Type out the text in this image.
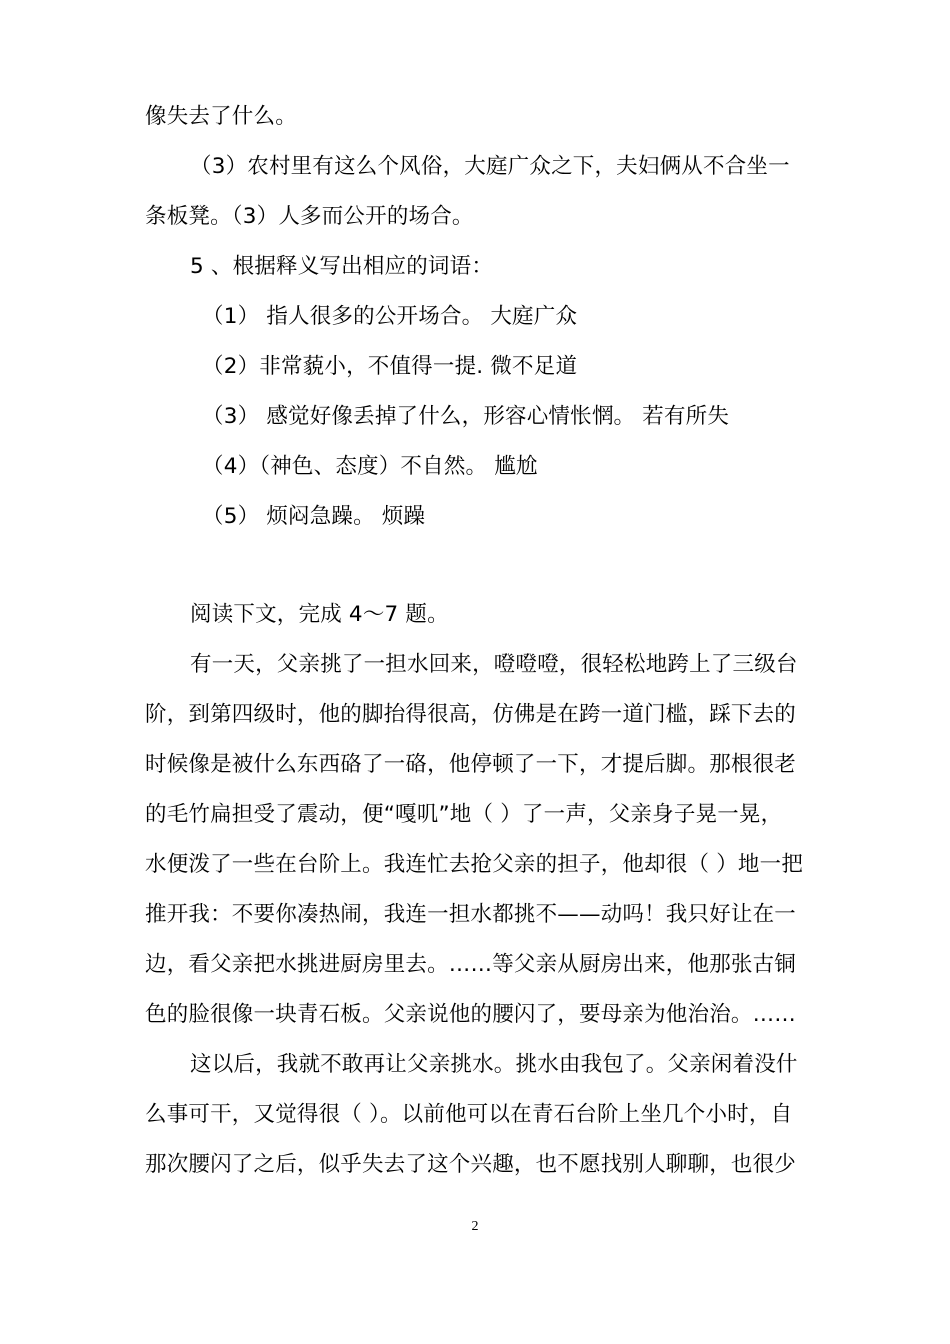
像失去了什么。
（3）农村里有这么个风俗，大庭广众之下，夫妇俩从不合坐一
条板凳。（3）人多而公开的场合。
5 、根据释义写出相应的词语：
（1） 指人很多的公开场合。 大庭广众
（2）非常藐小，不值得一提. 微不足道
（3） 感觉好像丢掉了什么，形容心情怅惘。 若有所失
（4）（神色、态度）不自然。 尴尬
（5） 烦闷急躁。 烦躁
阅读下文，完成 4～7 题。
有一天，父亲挑了一担水回来，噔噔噔，很轻松地跨上了三级台
阶，到第四级时，他的脚抬得很高，仿佛是在跨一道门槛，踩下去的
时候像是被什么东西硌了一硌，他停顿了一下，才提后脚。那根很老
的毛竹扁担受了震动，便“嘎叽”地（ ）了一声，父亲身子晃一晃，
水便泼了一些在台阶上。我连忙去抢父亲的担子，他却很（ ）地一把
推开我：不要你凑热闹，我连一担水都挑不——动吗！我只好让在一
边，看父亲把水挑进厨房里去。……等父亲从厨房出来，他那张古铜
色的脸很像一块青石板。父亲说他的腰闪了，要母亲为他治治。……
这以后，我就不敢再让父亲挑水。挑水由我包了。父亲闲着没什
么事可干，又觉得很（ ）。以前他可以在青石台阶上坐几个小时，自
那次腰闪了之后，似乎失去了这个兴趣，也不愿找别人聊聊，也很少
2
